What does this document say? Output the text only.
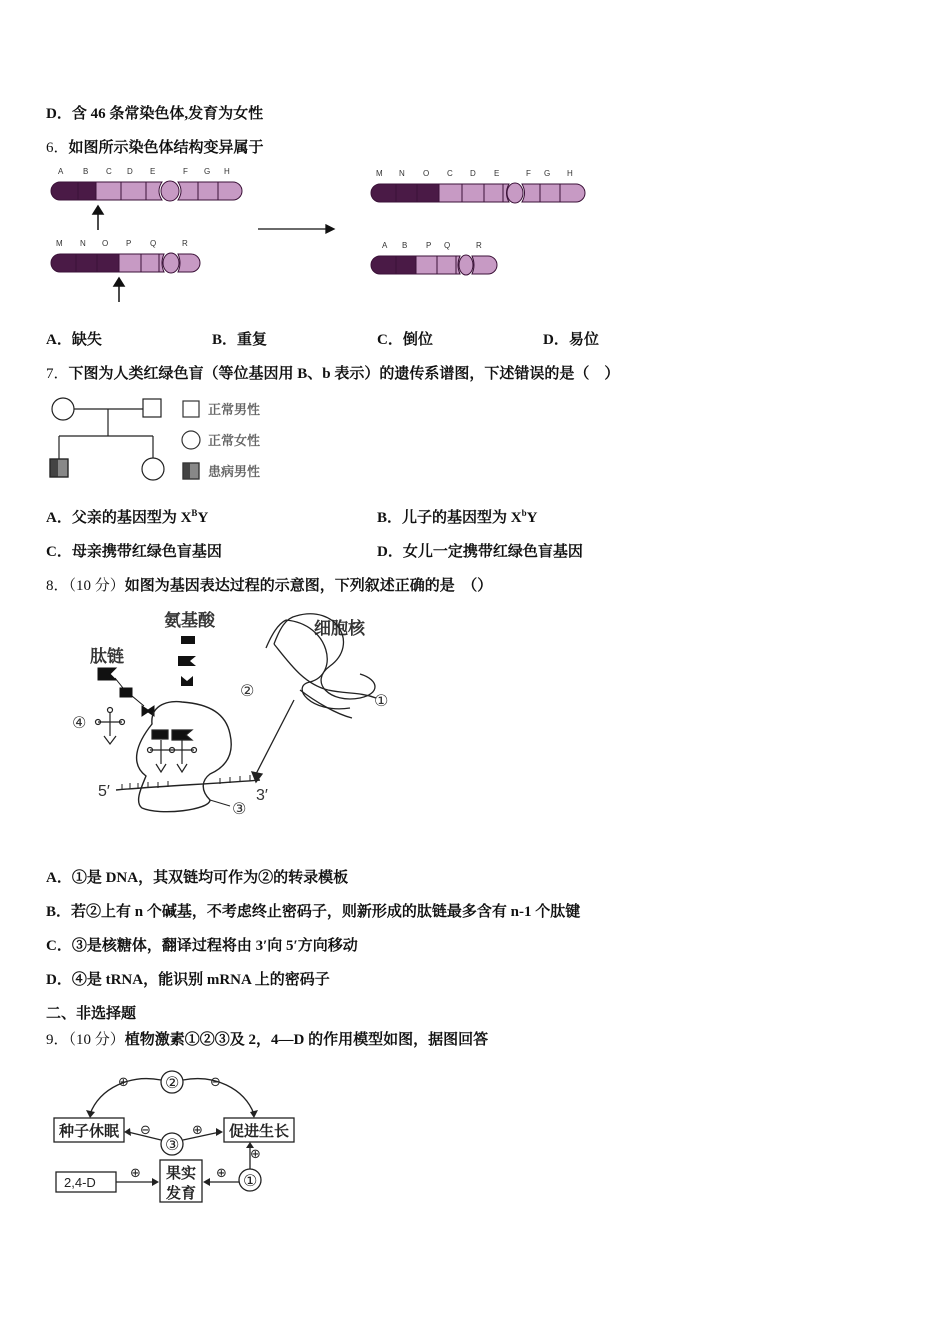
D．含 46 条常染色体,发育为女性
6．如图所示染色体结构变异属于
A B C D E	F G H
M N O P Q	R
M N O C D E	F G H
A B P Q	R
A．缺失	B．重复	C．倒位	D．易位
7．下图为人类红绿色盲（等位基因用 B、b 表示）的遗传系谱图，下述错误的是（　）
正常男性
正常女性
患病男性
A．父亲的基因型为 $X^BY$	B．儿子的基因型为 $X^bY$
C．母亲携带红绿色盲基因	D．女儿一定携带红绿色盲基因
8．（10 分）如图为基因表达过程的示意图，下列叙述正确的是　（）
氨基酸	细胞核
肽链
②
①
④
③
5′	3′
A．①是 DNA，其双链均可作为②的转录模板
B．若②上有 n 个碱基，不考虑终止密码子，则新形成的肽链最多含有 n-1 个肽键
C．③是核糖体，翻译过程将由 3′向 5′方向移动
D．④是 tRNA，能识别 mRNA 上的密码子
二、非选择题
9．（10 分）植物激素①②③及 2，4—D 的作用模型如图，据图回答
②
③
①
种子休眠	促进生长
果实
发育
2,4-D
⊕	⊖
⊖	⊕
⊕	⊕
⊕
